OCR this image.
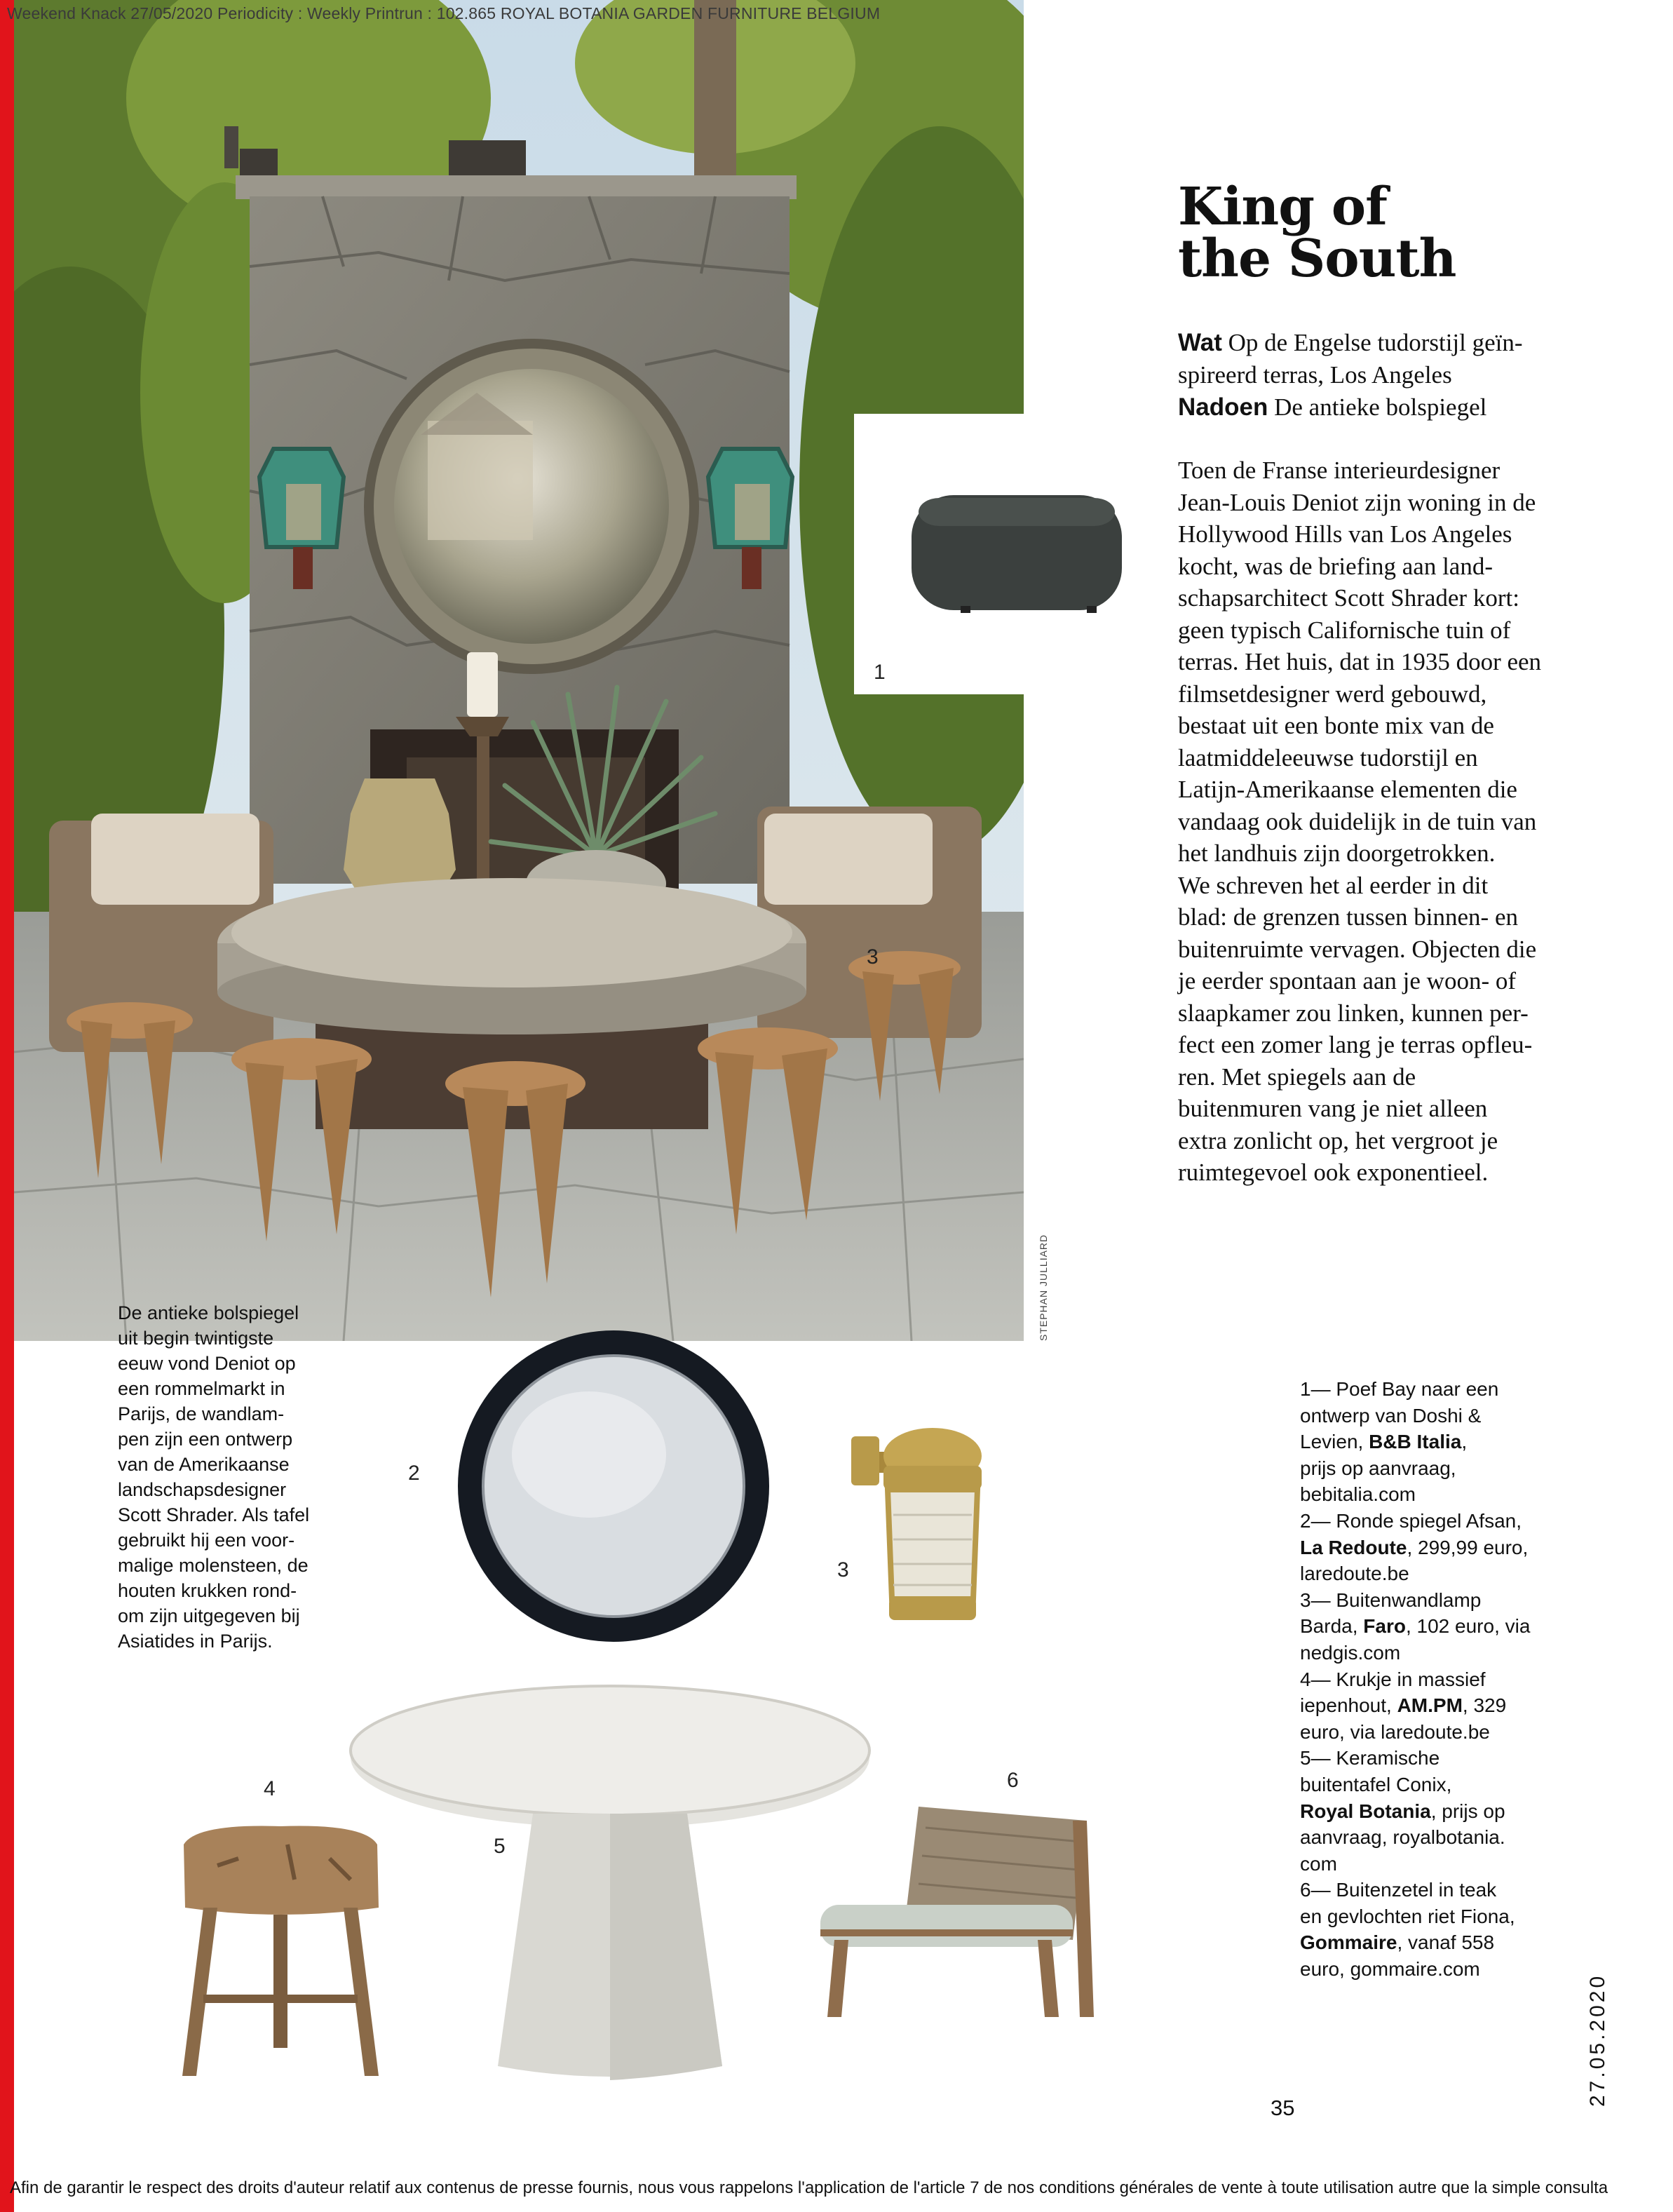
Weekend Knack 27/05/2020 Periodicity : Weekly Printrun : 102.865 ROYAL BOTANIA GARDEN FURNITURE BELGIUM
1
3
STEPHAN JULLIARD
King of
the South
Wat Op de Engelse tudorstijl geïn-spireerd terras, Los Angeles
Nadoen De antieke bolspiegel
Toen de Franse interieurdesigner
Jean-Louis Deniot zijn woning in de
Hollywood Hills van Los Angeles
kocht, was de briefing aan land-
schapsarchitect Scott Shrader kort:
geen typisch Californische tuin of
terras. Het huis, dat in 1935 door een
filmsetdesigner werd gebouwd,
bestaat uit een bonte mix van de
laatmiddeleeuwse tudorstijl en
Latijn-Amerikaanse elementen die
vandaag ook duidelijk in de tuin van
het landhuis zijn doorgetrokken.
We schreven het al eerder in dit
blad: de grenzen tussen binnen- en
buitenruimte vervagen. Objecten die
je eerder spontaan aan je woon- of
slaapkamer zou linken, kunnen per-
fect een zomer lang je terras opfleu-
ren. Met spiegels aan de
buitenmuren vang je niet alleen
extra zonlicht op, het vergroot je
ruimtegevoel ook exponentieel.
De antieke bolspiegel
uit begin twintigste
eeuw vond Deniot op
een rommelmarkt in
Parijs, de wandlam-
pen zijn een ontwerp
van de Amerikaanse
landschapsdesigner
Scott Shrader. Als tafel
gebruikt hij een voor-
malige molensteen, de
houten krukken rond-
om zijn uitgegeven bij
Asiatides in Parijs.
2
3
4
5
6

1— Poef Bay naar een
ontwerp van Doshi &
Levien, B&B Italia,
prijs op aanvraag,
bebitalia.com

2— Ronde spiegel Afsan,
La Redoute, 299,99 euro,
laredoute.be

3— Buitenwandlamp
Barda, Faro, 102 euro, via
nedgis.com

4— Krukje in massief
iepenhout, AM.PM, 329
euro, via laredoute.be

5— Keramische
buitentafel Conix,
Royal Botania, prijs op
aanvraag, royalbotania.
com

6— Buitenzetel in teak
en gevlochten riet Fiona,
Gommaire, vanaf 558
euro, gommaire.com

35
27.05.2020
Afin de garantir le respect des droits d'auteur relatif aux contenus de presse fournis, nous vous rappelons l'application de l'article 7 de nos conditions générales de vente à toute utilisation autre que la simple consulta
